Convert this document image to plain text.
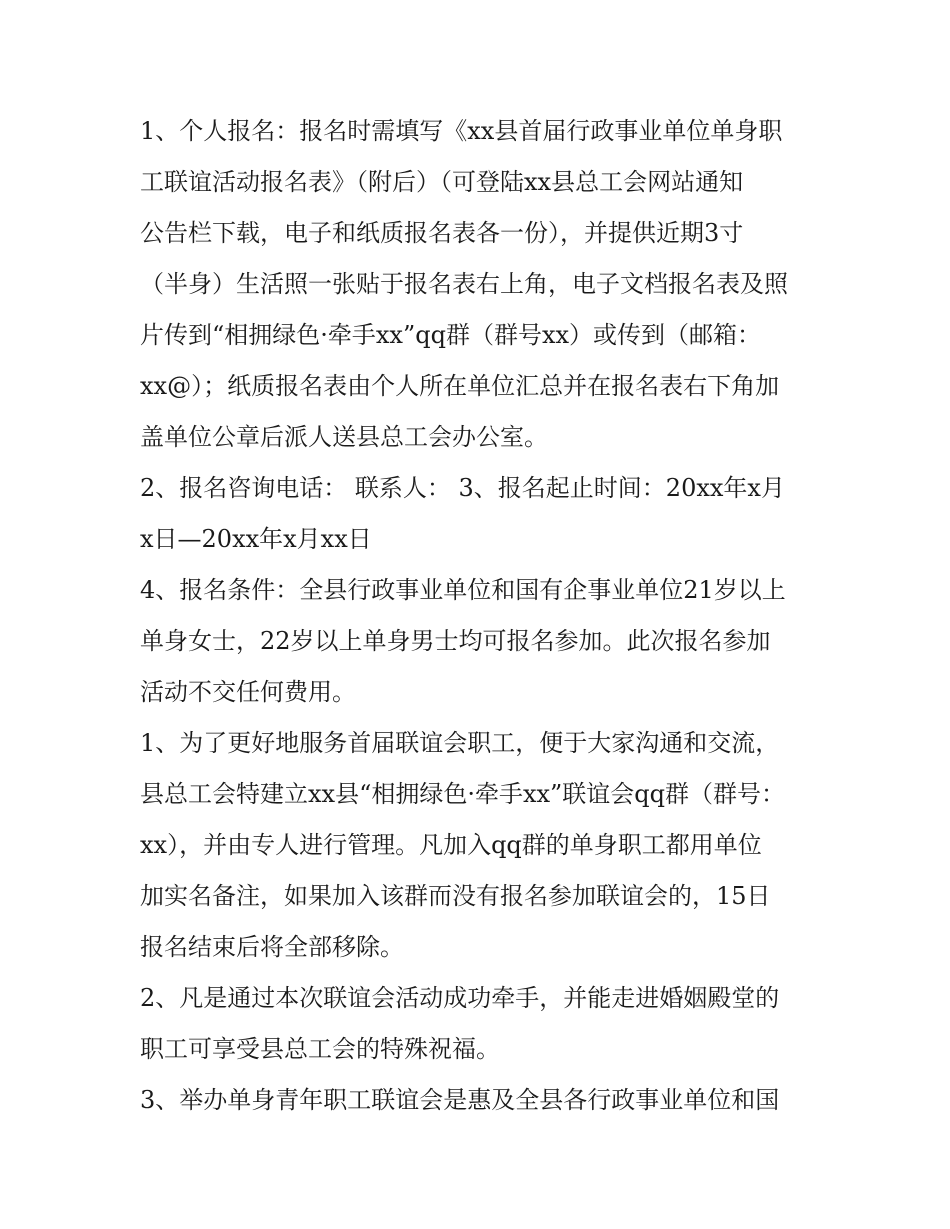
1、个人报名：报名时需填写《xx县首届行政事业单位单身职
工联谊活动报名表》（附后）（可登陆xx县总工会网站通知
公告栏下载，电子和纸质报名表各一份），并提供近期3寸
（半身）生活照一张贴于报名表右上角，电子文档报名表及照
片传到“相拥绿色·牵手xx”qq群（群号xx）或传到（邮箱：
xx@）；纸质报名表由个人所在单位汇总并在报名表右下角加
盖单位公章后派人送县总工会办公室。
2、报名咨询电话： 联系人： 3、报名起止时间：20xx年x月
x日—20xx年x月xx日
4、报名条件：全县行政事业单位和国有企事业单位21岁以上
单身女士，22岁以上单身男士均可报名参加。此次报名参加
活动不交任何费用。
1、为了更好地服务首届联谊会职工，便于大家沟通和交流，
县总工会特建立xx县“相拥绿色·牵手xx”联谊会qq群（群号：
xx），并由专人进行管理。凡加入qq群的单身职工都用单位
加实名备注，如果加入该群而没有报名参加联谊会的，15日
报名结束后将全部移除。
2、凡是通过本次联谊会活动成功牵手，并能走进婚姻殿堂的
职工可享受县总工会的特殊祝福。
3、举办单身青年职工联谊会是惠及全县各行政事业单位和国
